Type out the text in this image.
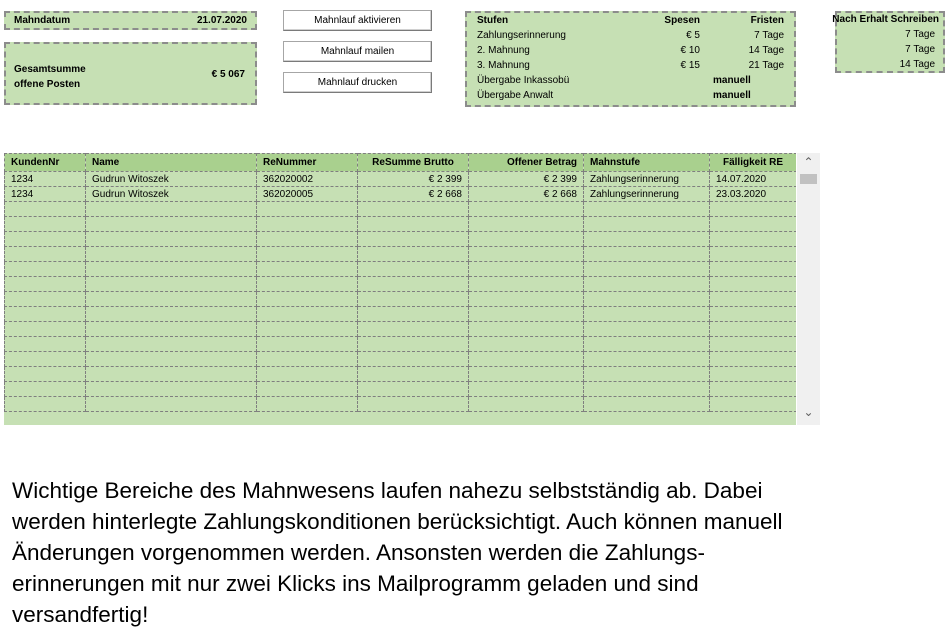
Mahndatum	21.07.2020
Gesamtsumme
offene Posten
€ 5 067
Mahnlauf aktivieren
Mahnlauf mailen
Mahnlauf drucken
Stufen	Spesen	Fristen
Zahlungserinnerung	€ 5	7 Tage
2. Mahnung	€ 10	14 Tage
3. Mahnung	€ 15	21 Tage
Übergabe Inkassobü	manuell
Übergabe Anwalt	manuell
Nach Erhalt Schreiben
7 Tage
7 Tage
14 Tage
KundenNr	Name	ReNummer	ReSumme Brutto	Offener Betrag	Mahnstufe	Fälligkeit RE
1234	Gudrun Witoszek	362020002	€ 2 399	€ 2 399	Zahlungserinnerung	14.07.2020
1234	Gudrun Witoszek	362020005	€ 2 668	€ 2 668	Zahlungserinnerung	23.03.2020

⌃
⌄
Wichtige Bereiche des Mahnwesens laufen nahezu selbstständig ab. Dabei
werden hinterlegte Zahlungskonditionen berücksichtigt. Auch können manuell
Änderungen vorgenommen werden. Ansonsten werden die Zahlungs-
erinnerungen mit nur zwei Klicks ins Mailprogramm geladen und sind
versandfertig!
